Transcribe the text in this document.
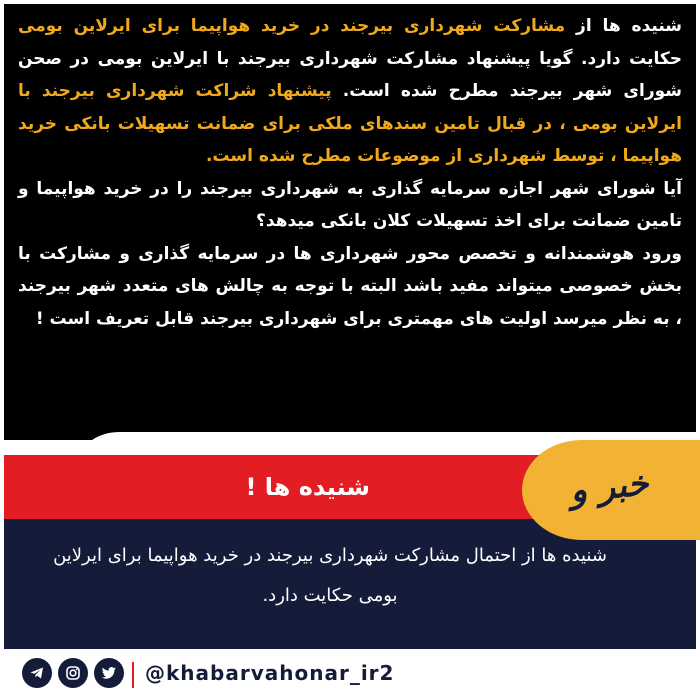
شنیده ها از مشارکت شهرداری بیرجند در خرید هواپیما برای ایرلاین بومی حکایت دارد. گویا پیشنهاد مشارکت شهرداری بیرجند با ایرلاین بومی در صحن شورای شهر بیرجند مطرح شده است. پیشنهاد شراکت شهرداری بیرجند با ایرلاین بومی ، در قبال تامین سندهای ملکی برای ضمانت تسهیلات بانکی خرید هواپیما ، توسط شهرداری از موضوعات مطرح شده است.
آیا شورای شهر اجازه سرمایه گذاری به شهرداری بیرجند را در خرید هواپیما و تامین ضمانت برای اخذ تسهیلات کلان بانکی میدهد؟
ورود هوشمندانه و تخصص محور شهرداری ها در سرمایه گذاری و مشارکت با بخش خصوصی میتواند مفید باشد البته با توجه به چالش های متعدد شهر بیرجند ، به نظر میرسد اولیت های مهمتری برای شهرداری بیرجند قابل تعریف است !
شنیده ها !
شنیده ها از احتمال مشارکت شهرداری بیرجند در خرید هواپیما برای ایرلاین بومی حکایت دارد.
خبر و هنر
@khabarvahonar_ir2
